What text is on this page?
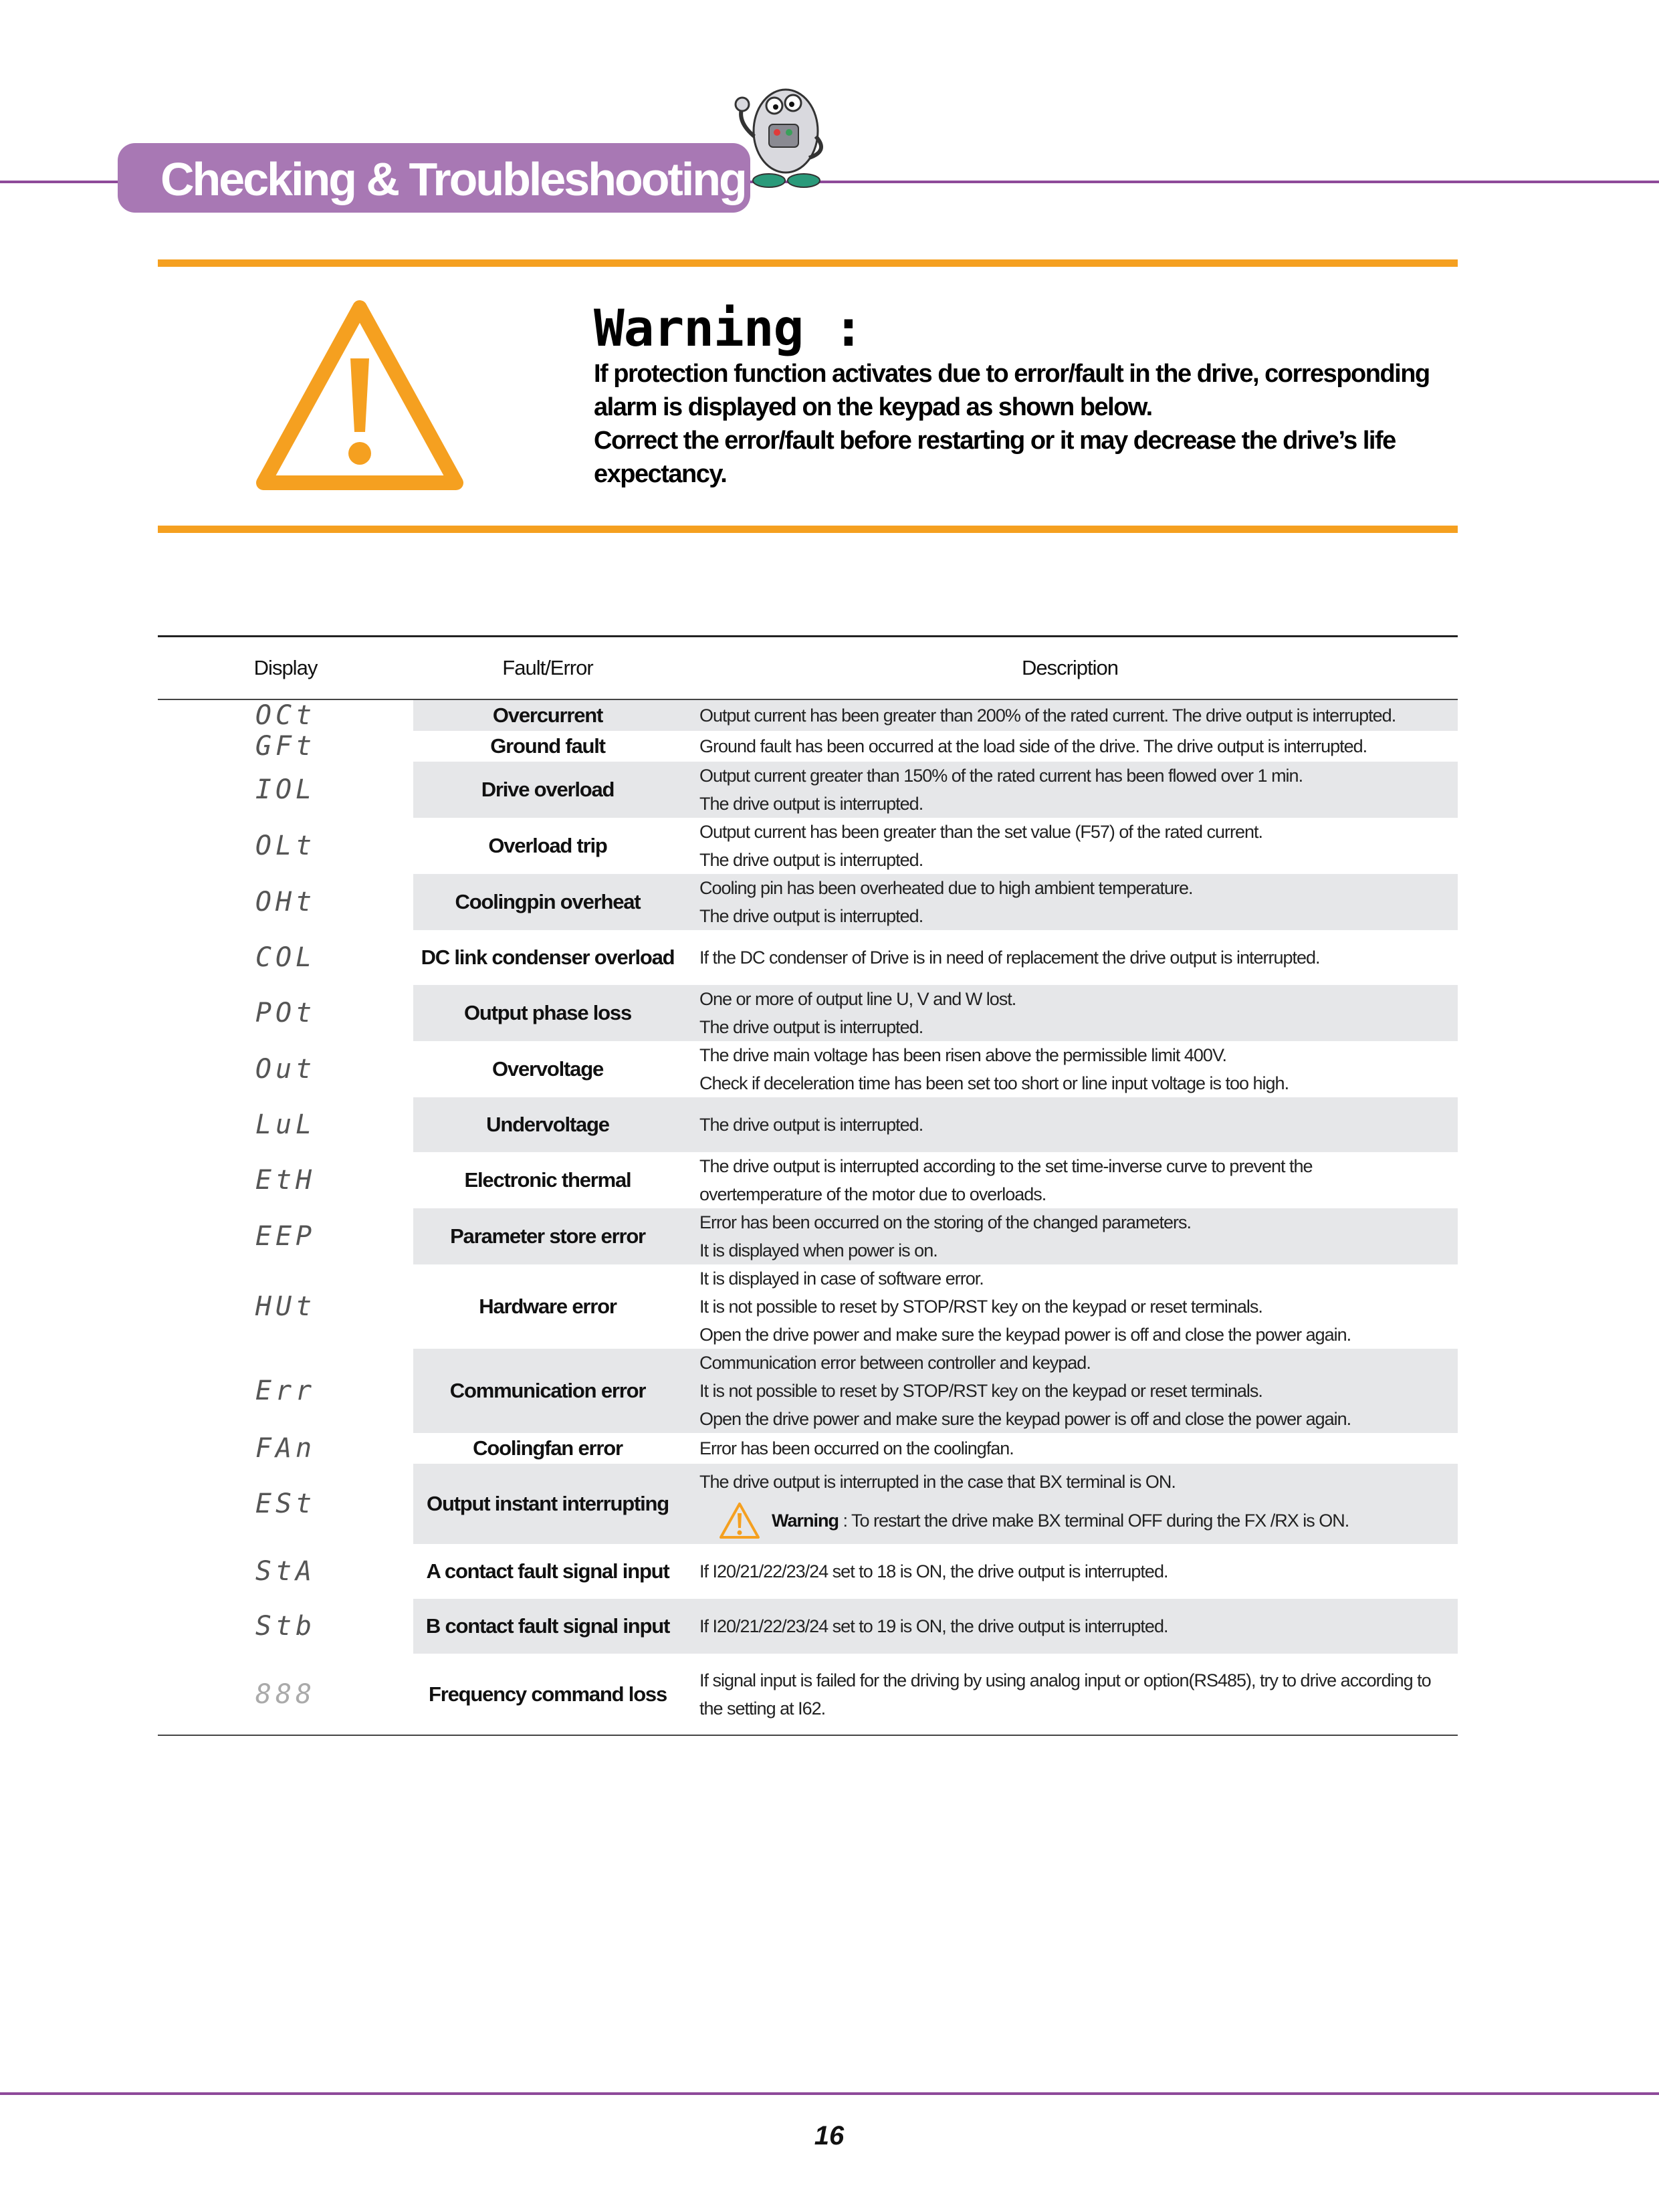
Checking & Troubleshooting
Warning :

If protection function activates due to error/fault in the drive, corresponding

alarm is displayed on the keypad as shown below.

Correct the error/fault before restarting or it may decrease the drive’s life

expectancy.

Display	Fault/Error	Description
OCt	Overcurrent	Output current has been greater than 200% of the rated current. The drive output is interrupted.

GFt	Ground fault	Ground fault has been occurred at the load side of the drive. The drive output is interrupted.

IOL	Drive overload	Output current greater than 150% of the rated current has been flowed over 1 min.
The drive output is interrupted.

OLt	Overload trip	Output current has been greater than the set value (F57) of the rated current.
The drive output is interrupted.

OHt	Coolingpin overheat	Cooling pin has been overheated due to high ambient temperature.
The drive output is interrupted.

COL	DC link condenser overload	If the DC condenser of Drive is in need of replacement the drive output is interrupted.

POt	Output phase loss	One or more of output line U, V and W lost.
The drive output is interrupted.

Out	Overvoltage	The drive main voltage has been risen above the permissible limit 400V.
Check if deceleration time has been set too short or line input voltage is too high.

LuL	Undervoltage	The drive output is interrupted.

EtH	Electronic thermal	The drive output is interrupted according to the set time-inverse curve to prevent the
overtemperature of the motor due to overloads.

EEP	Parameter store error	Error has been occurred on the storing of the changed parameters.
It is displayed when power is on.

HUt	Hardware error	It is displayed in case of software error.
It is not possible to reset by STOP/RST key on the keypad or reset terminals.
Open the drive power and make sure the keypad power is off and close the power again.

Err	Communication error	Communication error between controller and keypad.
It is not possible to reset by STOP/RST key on the keypad or reset terminals.
Open the drive power and make sure the keypad power is off and close the power again.

FAn	Coolingfan error	Error has been occurred on the coolingfan.

ESt	Output instant interrupting	The drive output is interrupted in the case that BX terminal is ON.
Warning : To restart the drive make BX terminal OFF during the FX /RX is ON.

StA	A contact fault signal input	If I20/21/22/23/24 set to 18 is ON, the drive output is interrupted.

Stb	B contact fault signal input	If I20/21/22/23/24 set to 19 is ON, the drive output is interrupted.

888	Frequency command loss	If signal input is failed for the driving by using analog input or option(RS485), try to drive according to
the setting at I62.
16
